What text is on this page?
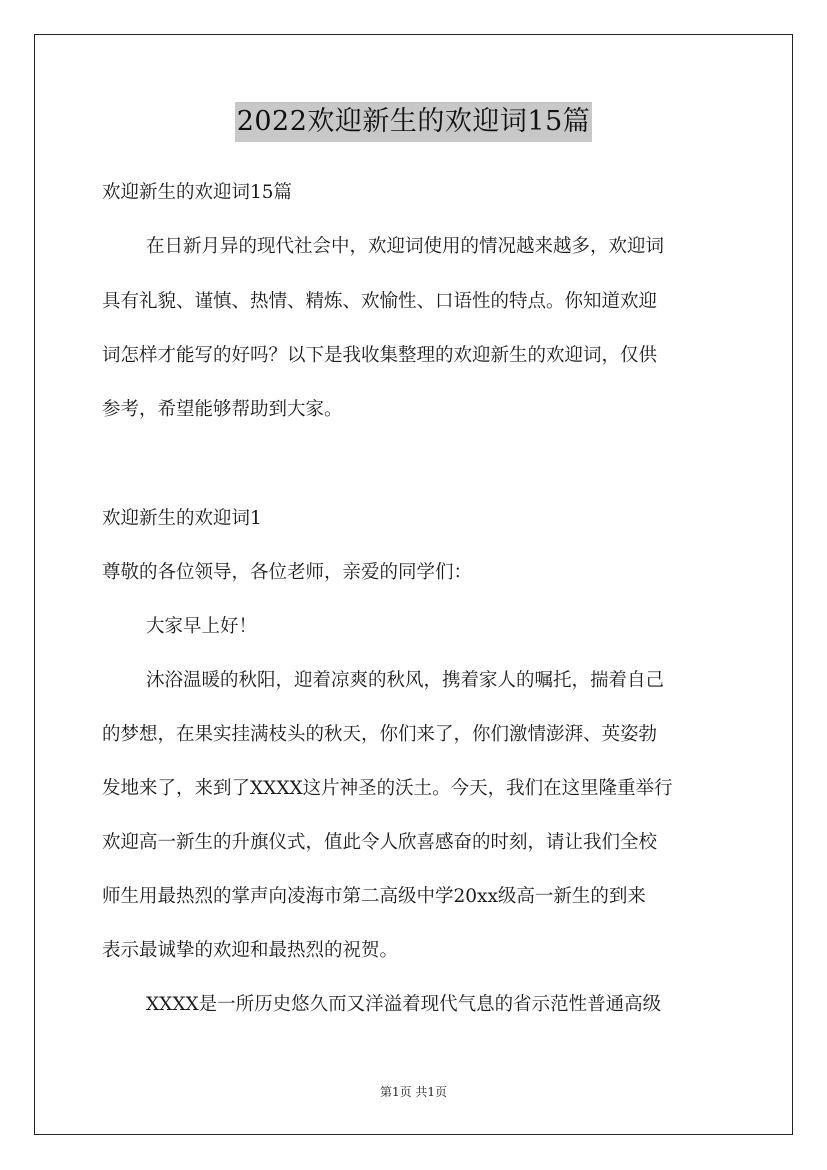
2022欢迎新生的欢迎词15篇
欢迎新生的欢迎词15篇
在日新月异的现代社会中，欢迎词使用的情况越来越多，欢迎词
具有礼貌、谨慎、热情、精炼、欢愉性、口语性的特点。你知道欢迎
词怎样才能写的好吗？以下是我收集整理的欢迎新生的欢迎词，仅供
参考，希望能够帮助到大家。
欢迎新生的欢迎词1
尊敬的各位领导，各位老师，亲爱的同学们：
大家早上好！
沐浴温暖的秋阳，迎着凉爽的秋风，携着家人的嘱托，揣着自己
的梦想，在果实挂满枝头的秋天，你们来了，你们激情澎湃、英姿勃
发地来了，来到了XXXX这片神圣的沃土。今天，我们在这里隆重举行
欢迎高一新生的升旗仪式，值此令人欣喜感奋的时刻，请让我们全校
师生用最热烈的掌声向凌海市第二高级中学20xx级高一新生的到来
表示最诚挚的欢迎和最热烈的祝贺。
XXXX是一所历史悠久而又洋溢着现代气息的省示范性普通高级
第1页 共1页
